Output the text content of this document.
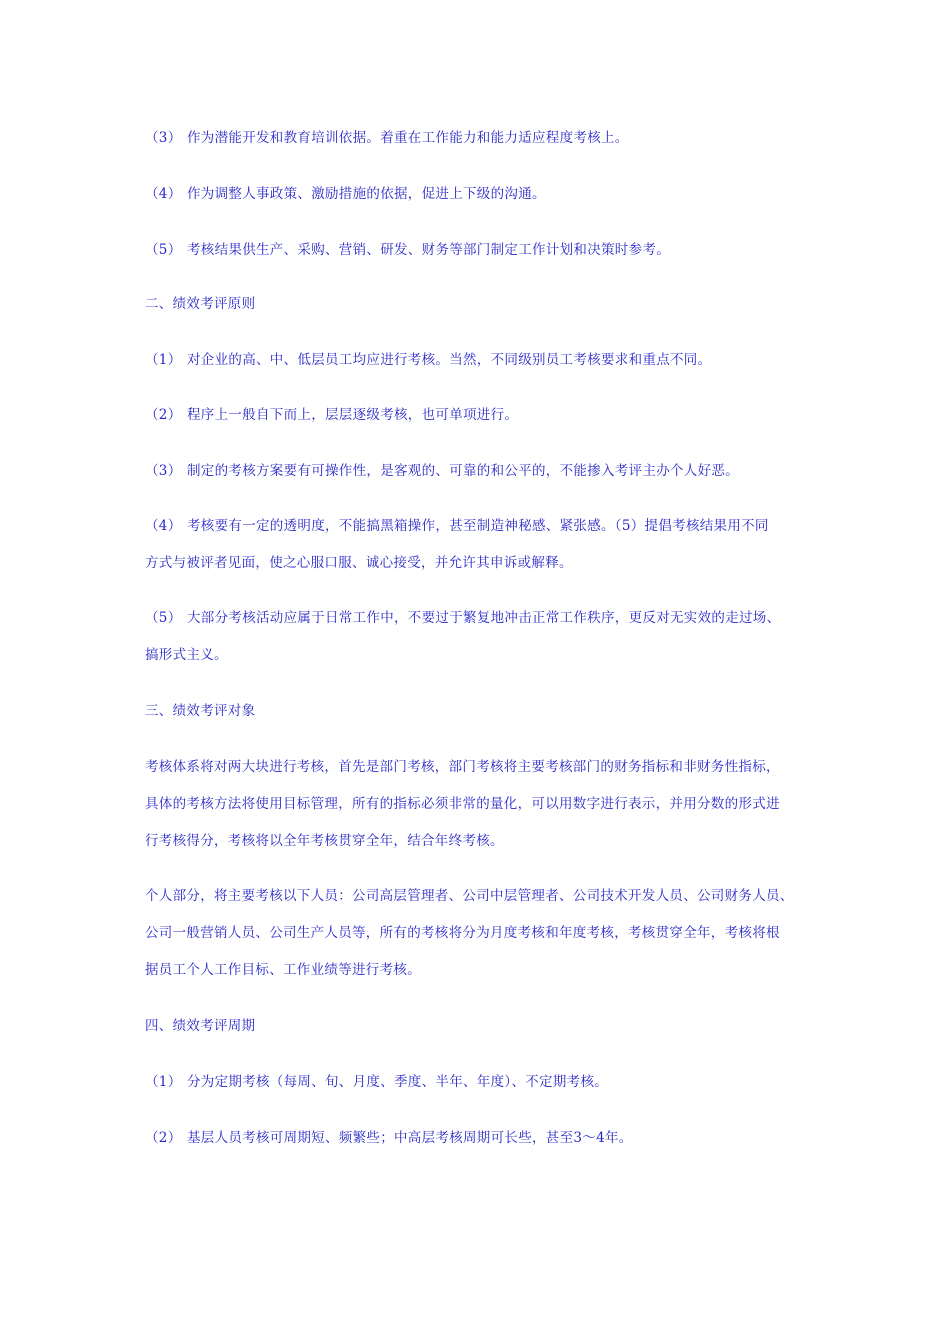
（3） 作为潜能开发和教育培训依据。着重在工作能力和能力适应程度考核上。
（4） 作为调整人事政策、激励措施的依据，促进上下级的沟通。
（5） 考核结果供生产、采购、营销、研发、财务等部门制定工作计划和决策时参考。
二、绩效考评原则
（1） 对企业的高、中、低层员工均应进行考核。当然，不同级别员工考核要求和重点不同。
（2） 程序上一般自下而上，层层逐级考核，也可单项进行。
（3） 制定的考核方案要有可操作性，是客观的、可靠的和公平的，不能掺入考评主办个人好恶。
（4） 考核要有一定的透明度，不能搞黑箱操作，甚至制造神秘感、紧张感。（5）提倡考核结果用不同
方式与被评者见面，使之心服口服、诚心接受，并允许其申诉或解释。
（5） 大部分考核活动应属于日常工作中，不要过于繁复地冲击正常工作秩序，更反对无实效的走过场、
搞形式主义。
三、绩效考评对象
考核体系将对两大块进行考核，首先是部门考核，部门考核将主要考核部门的财务指标和非财务性指标，
具体的考核方法将使用目标管理，所有的指标必须非常的量化，可以用数字进行表示，并用分数的形式进
行考核得分，考核将以全年考核贯穿全年，结合年终考核。
个人部分，将主要考核以下人员：公司高层管理者、公司中层管理者、公司技术开发人员、公司财务人员、
公司一般营销人员、公司生产人员等，所有的考核将分为月度考核和年度考核，考核贯穿全年，考核将根
据员工个人工作目标、工作业绩等进行考核。
四、绩效考评周期
（1） 分为定期考核（每周、旬、月度、季度、半年、年度）、不定期考核。
（2） 基层人员考核可周期短、频繁些；中高层考核周期可长些，甚至3～4年。
